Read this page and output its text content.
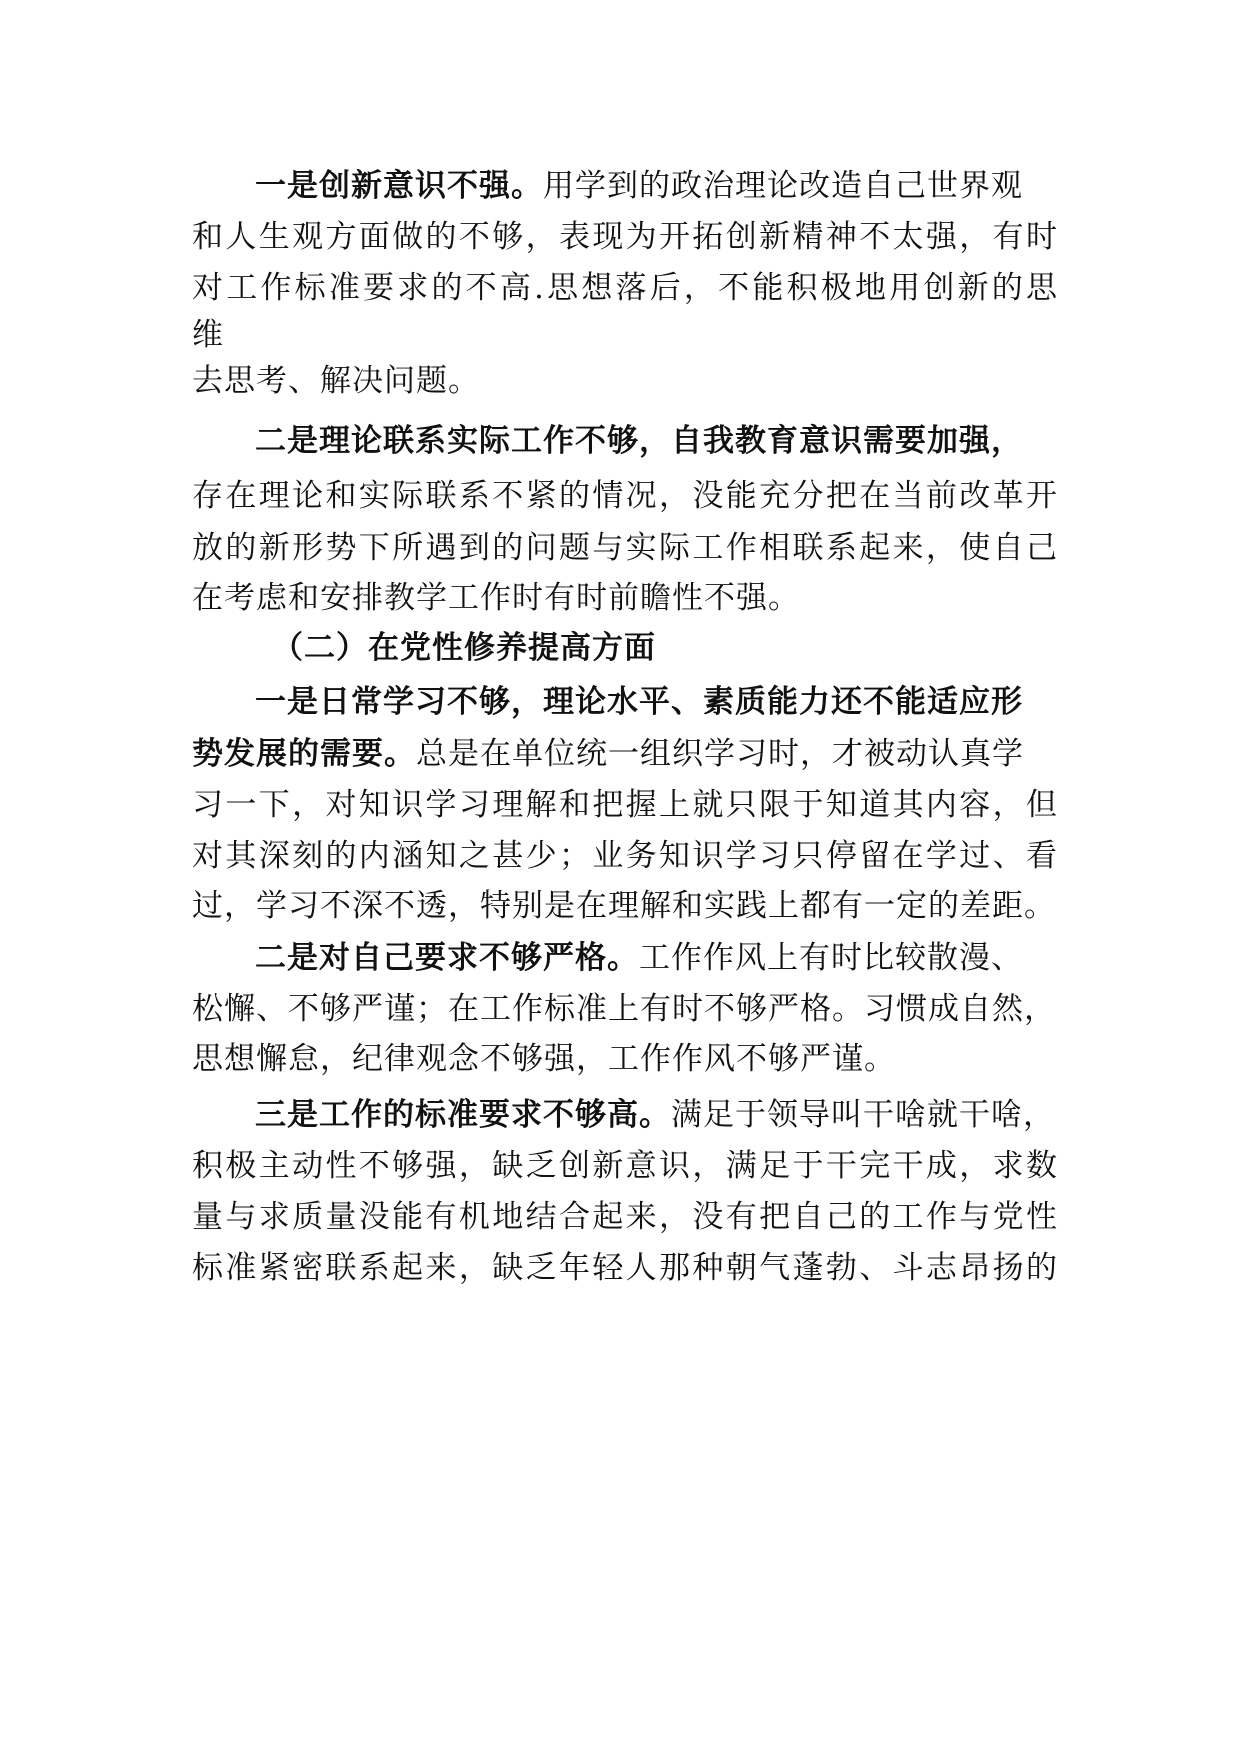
一是创新意识不强。用学到的政治理论改造自己世界观
和人生观方面做的不够，表现为开拓创新精神不太强，有时
对工作标准要求的不高.思想落后，不能积极地用创新的思
维
去思考、解决问题。
二是理论联系实际工作不够，自我教育意识需要加强，
存在理论和实际联系不紧的情况，没能充分把在当前改革开
放的新形势下所遇到的问题与实际工作相联系起来，使自己
在考虑和安排教学工作时有时前瞻性不强。
（二）在党性修养提高方面
一是日常学习不够，理论水平、素质能力还不能适应形
势发展的需要。总是在单位统一组织学习时，才被动认真学
习一下，对知识学习理解和把握上就只限于知道其内容，但
对其深刻的内涵知之甚少；业务知识学习只停留在学过、看
过，学习不深不透，特别是在理解和实践上都有一定的差距。
二是对自己要求不够严格。工作作风上有时比较散漫、
松懈、不够严谨；在工作标准上有时不够严格。习惯成自然，
思想懈怠，纪律观念不够强，工作作风不够严谨。
三是工作的标准要求不够高。满足于领导叫干啥就干啥，
积极主动性不够强，缺乏创新意识，满足于干完干成，求数
量与求质量没能有机地结合起来，没有把自己的工作与党性
标准紧密联系起来，缺乏年轻人那种朝气蓬勃、斗志昂扬的
